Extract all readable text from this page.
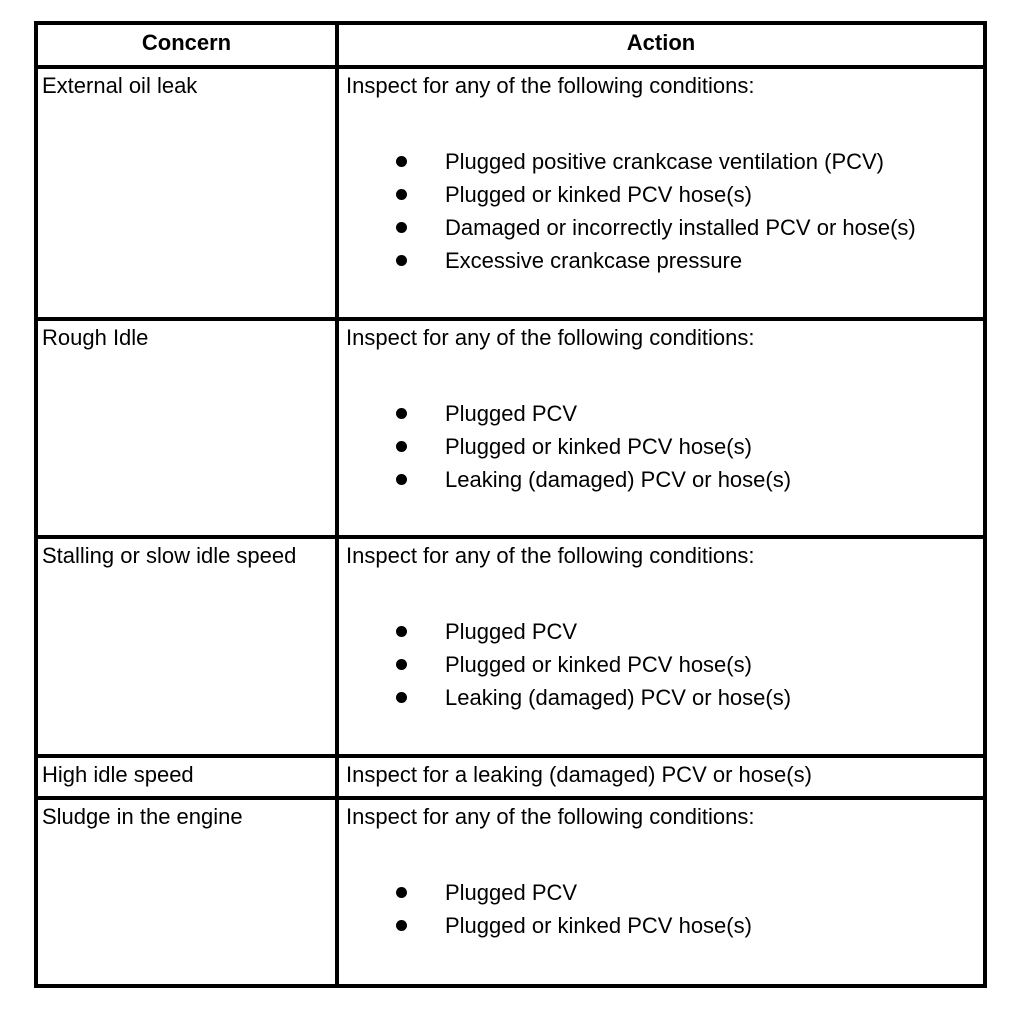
Concern	Action
External oil leak	Inspect for any of the following conditions:
Plugged positive crankcase ventilation (PCV)
Plugged or kinked PCV hose(s)
Damaged or incorrectly installed PCV or hose(s)
Excessive crankcase pressure
Rough Idle	Inspect for any of the following conditions:
Plugged PCV
Plugged or kinked PCV hose(s)
Leaking (damaged) PCV or hose(s)
Stalling or slow idle speed	Inspect for any of the following conditions:
Plugged PCV
Plugged or kinked PCV hose(s)
Leaking (damaged) PCV or hose(s)
High idle speed	Inspect for a leaking (damaged) PCV or hose(s)
Sludge in the engine	Inspect for any of the following conditions:
Plugged PCV
Plugged or kinked PCV hose(s)
